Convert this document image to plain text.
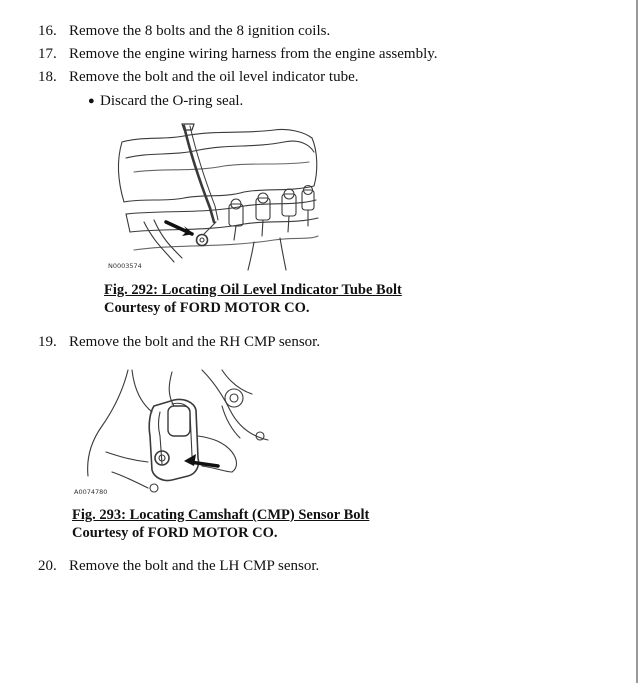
16. Remove the 8 bolts and the 8 ignition coils.
17. Remove the engine wiring harness from the engine assembly.
18. Remove the bolt and the oil level indicator tube.
● Discard the O-ring seal.
N0003574
Fig. 292: Locating Oil Level Indicator Tube Bolt
Courtesy of FORD MOTOR CO.
19. Remove the bolt and the RH CMP sensor.
A0074780
Fig. 293: Locating Camshaft (CMP) Sensor Bolt
Courtesy of FORD MOTOR CO.
20. Remove the bolt and the LH CMP sensor.
